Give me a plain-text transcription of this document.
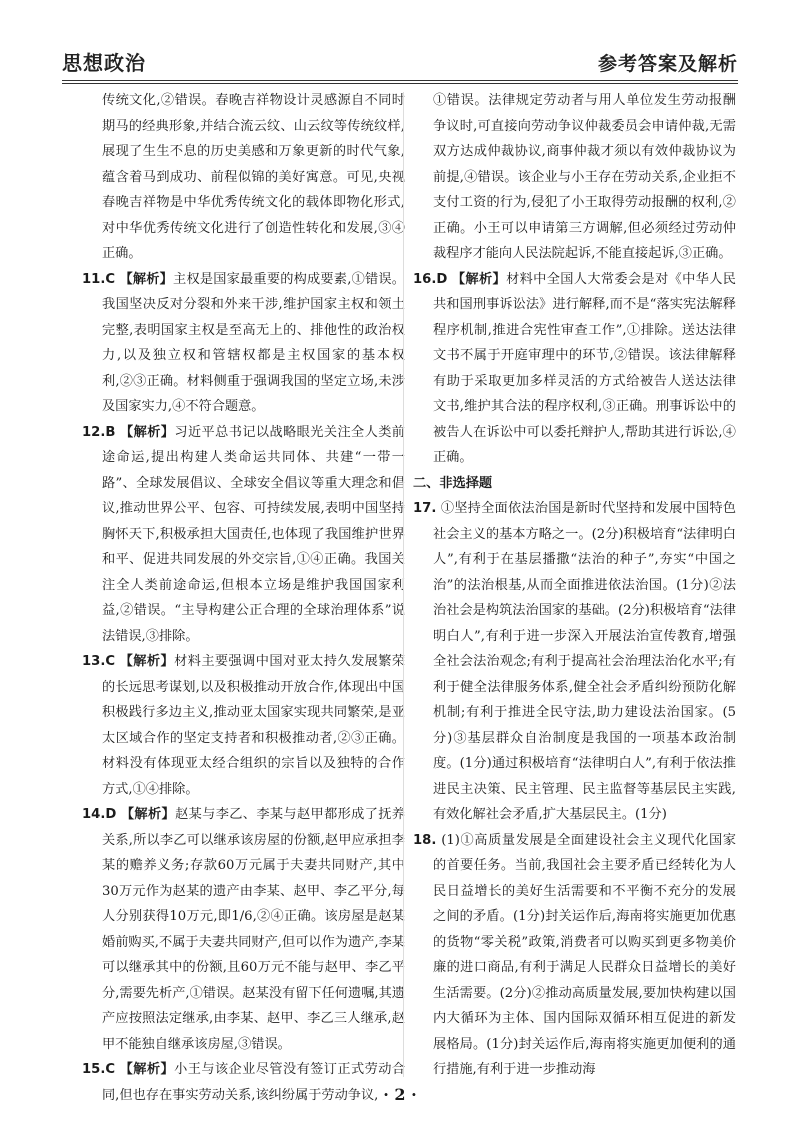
思想政治	参考答案及解析

传统文化,②错误。春晚吉祥物设计灵感源自不同时期马的经典形象,并结合流云纹、山云纹等传统纹样,展现了生生不息的历史美感和万象更新的时代气象,蕴含着马到成功、前程似锦的美好寓意。可见,央视春晚吉祥物是中华优秀传统文化的载体即物化形式,对中华优秀传统文化进行了创造性转化和发展,③④正确。

11.C 【解析】主权是国家最重要的构成要素,①错误。我国坚决反对分裂和外来干涉,维护国家主权和领土完整,表明国家主权是至高无上的、排他性的政治权力,以及独立权和管辖权都是主权国家的基本权利,②③正确。材料侧重于强调我国的坚定立场,未涉及国家实力,④不符合题意。

12.B 【解析】习近平总书记以战略眼光关注全人类前途命运,提出构建人类命运共同体、共建“一带一路”、全球发展倡议、全球安全倡议等重大理念和倡议,推动世界公平、包容、可持续发展,表明中国坚持胸怀天下,积极承担大国责任,也体现了我国维护世界和平、促进共同发展的外交宗旨,①④正确。我国关注全人类前途命运,但根本立场是维护我国国家利益,②错误。“主导构建公正合理的全球治理体系”说法错误,③排除。

13.C 【解析】材料主要强调中国对亚太持久发展繁荣的长远思考谋划,以及积极推动开放合作,体现出中国积极践行多边主义,推动亚太国家实现共同繁荣,是亚太区域合作的坚定支持者和积极推动者,②③正确。材料没有体现亚太经合组织的宗旨以及独特的合作方式,①④排除。

14.D 【解析】赵某与李乙、李某与赵甲都形成了抚养关系,所以李乙可以继承该房屋的份额,赵甲应承担李某的赡养义务;存款60万元属于夫妻共同财产,其中30万元作为赵某的遗产由李某、赵甲、李乙平分,每人分别获得10万元,即1/6,②④正确。该房屋是赵某婚前购买,不属于夫妻共同财产,但可以作为遗产,李某可以继承其中的份额,且60万元不能与赵甲、李乙平分,需要先析产,①错误。赵某没有留下任何遗嘱,其遗产应按照法定继承,由李某、赵甲、李乙三人继承,赵甲不能独自继承该房屋,③错误。

15.C 【解析】小王与该企业尽管没有签订正式劳动合同,但也存在事实劳动关系,该纠纷属于劳动争议,

①错误。法律规定劳动者与用人单位发生劳动报酬争议时,可直接向劳动争议仲裁委员会申请仲裁,无需双方达成仲裁协议,商事仲裁才须以有效仲裁协议为前提,④错误。该企业与小王存在劳动关系,企业拒不支付工资的行为,侵犯了小王取得劳动报酬的权利,②正确。小王可以申请第三方调解,但必须经过劳动仲裁程序才能向人民法院起诉,不能直接起诉,③正确。

16.D 【解析】材料中全国人大常委会是对《中华人民共和国刑事诉讼法》进行解释,而不是“落实宪法解释程序机制,推进合宪性审查工作”,①排除。送达法律文书不属于开庭审理中的环节,②错误。该法律解释有助于采取更加多样灵活的方式给被告人送达法律文书,维护其合法的程序权利,③正确。刑事诉讼中的被告人在诉讼中可以委托辩护人,帮助其进行诉讼,④正确。

二、非选择题

17. ①坚持全面依法治国是新时代坚持和发展中国特色社会主义的基本方略之一。(2分)积极培育“法律明白人”,有利于在基层播撒“法治的种子”,夯实“中国之治”的法治根基,从而全面推进依法治国。(1分)②法治社会是构筑法治国家的基础。(2分)积极培育“法律明白人”,有利于进一步深入开展法治宣传教育,增强全社会法治观念;有利于提高社会治理法治化水平;有利于健全法律服务体系,健全社会矛盾纠纷预防化解机制;有利于推进全民守法,助力建设法治国家。(5分)③基层群众自治制度是我国的一项基本政治制度。(1分)通过积极培育“法律明白人”,有利于依法推进民主决策、民主管理、民主监督等基层民主实践,有效化解社会矛盾,扩大基层民主。(1分)

18. (1)①高质量发展是全面建设社会主义现代化国家的首要任务。当前,我国社会主要矛盾已经转化为人民日益增长的美好生活需要和不平衡不充分的发展之间的矛盾。(1分)封关运作后,海南将实施更加优惠的货物“零关税”政策,消费者可以购买到更多物美价廉的进口商品,有利于满足人民群众日益增长的美好生活需要。(2分)②推动高质量发展,要加快构建以国内大循环为主体、国内国际双循环相互促进的新发展格局。(1分)封关运作后,海南将实施更加便利的通行措施,有利于进一步推动海

· 2 ·
